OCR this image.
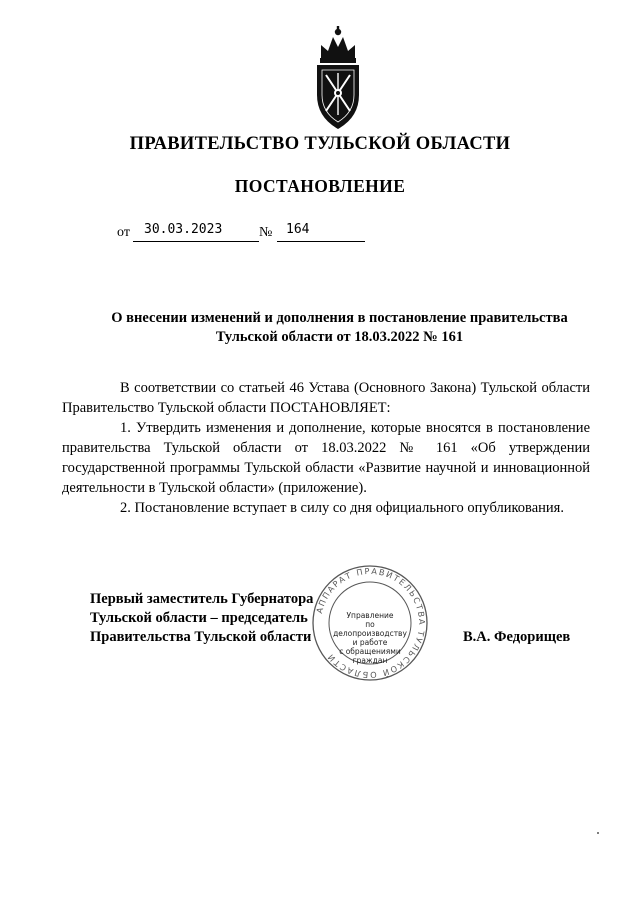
ПРАВИТЕЛЬСТВО ТУЛЬСКОЙ ОБЛАСТИ
ПОСТАНОВЛЕНИЕ
от 30.03.2023	№ 164
О внесении изменений и дополнения в постановление правительства
Тульской области от 18.03.2022 № 161

В соответствии со статьей 46 Устава (Основного Закона) Тульской области Правительство Тульской области ПОСТАНОВЛЯЕТ:

1. Утвердить изменения и дополнение, которые вносятся в постановление правительства Тульской области от 18.03.2022 № 161 «Об утверждении государственной программы Тульской области «Развитие научной и инновационной деятельности в Тульской области» (приложение).

2. Постановление вступает в силу со дня официального опубликования.

Первый заместитель Губернатора
Тульской области – председатель
Правительства Тульской области
АППАРАТ ПРАВИТЕЛЬСТВА ТУЛЬСКОЙ ОБЛАСТИ
Управление
по делопроизводству
и работе
с обращениями
граждан
В.А. Федорищев
